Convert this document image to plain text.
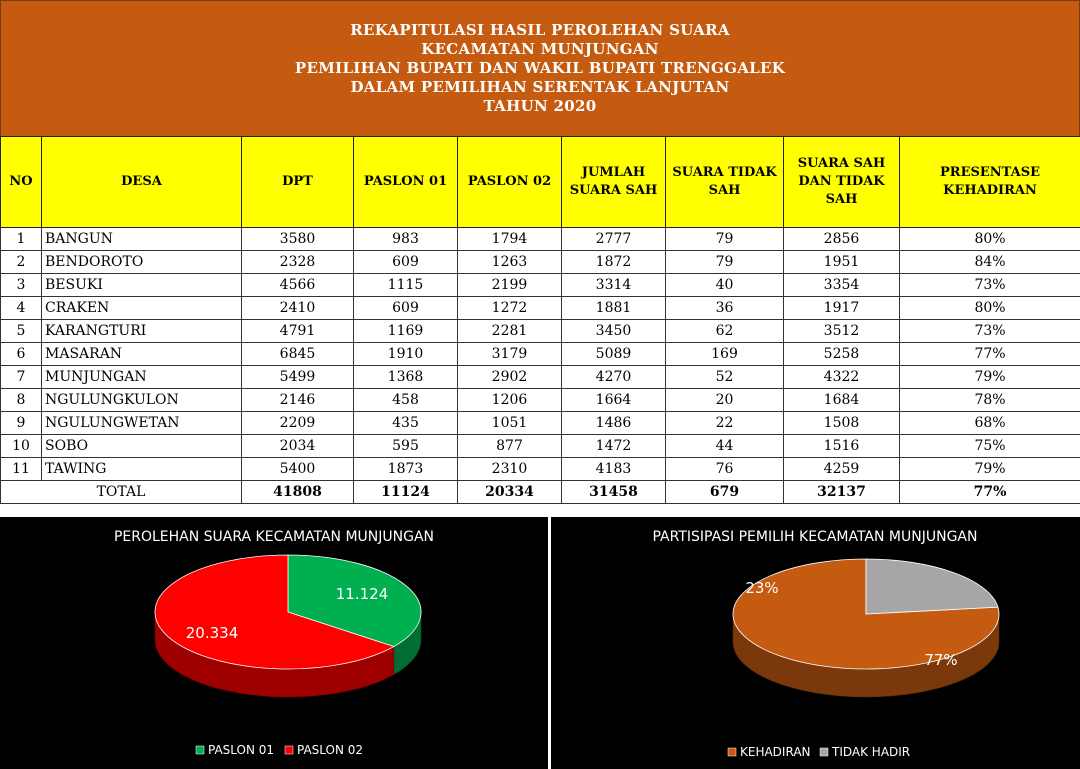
REKAPITULASI HASIL PEROLEHAN SUARA
KECAMATAN MUNJUNGAN
PEMILIHAN BUPATI DAN WAKIL BUPATI TRENGGALEK
DALAM PEMILIHAN SERENTAK LANJUTAN
TAHUN 2020
NO	DESA	DPT	PASLON 01	PASLON 02	JUMLAH SUARA SAH	SUARA TIDAK SAH	SUARA SAH DAN TIDAK SAH	PRESENTASE KEHADIRAN
1	BANGUN	3580	983	1794	2777	79	2856	80%
2	BENDOROTO	2328	609	1263	1872	79	1951	84%
3	BESUKI	4566	1115	2199	3314	40	3354	73%
4	CRAKEN	2410	609	1272	1881	36	1917	80%
5	KARANGTURI	4791	1169	2281	3450	62	3512	73%
6	MASARAN	6845	1910	3179	5089	169	5258	77%
7	MUNJUNGAN	5499	1368	2902	4270	52	4322	79%
8	NGULUNGKULON	2146	458	1206	1664	20	1684	78%
9	NGULUNGWETAN	2209	435	1051	1486	22	1508	68%
10	SOBO	2034	595	877	1472	44	1516	75%
11	TAWING	5400	1873	2310	4183	76	4259	79%
TOTAL		41808	11124	20334	31458	679	32137	77%
PEROLEHAN SUARA KECAMATAN MUNJUNGAN
11.124
20.334
PASLON 01 PASLON 02
PARTISIPASI PEMILIH KECAMATAN MUNJUNGAN
77%
23%
KEHADIRAN TIDAK HADIR
